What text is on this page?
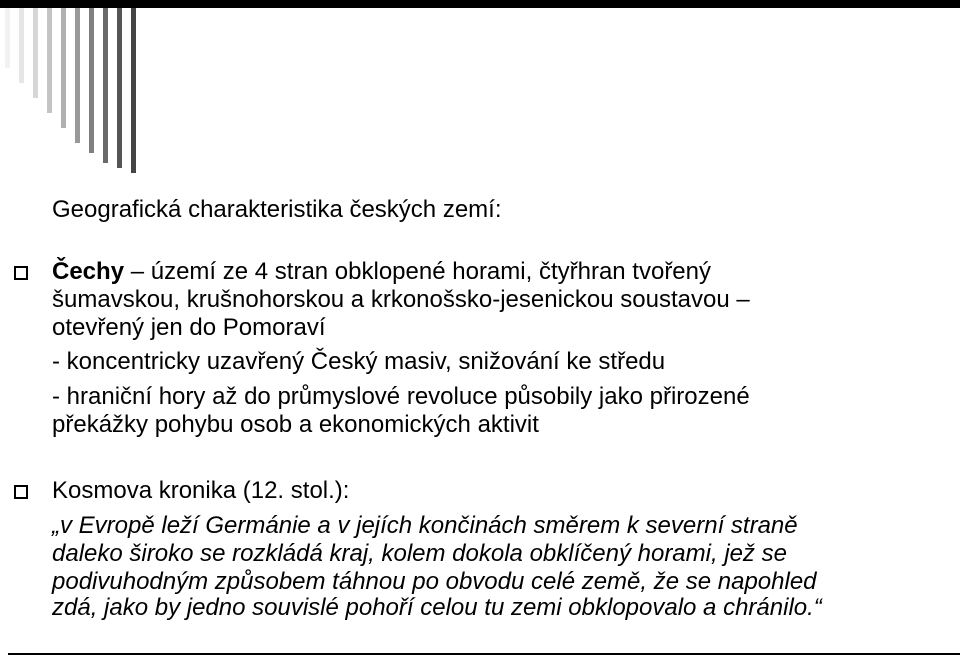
Geografická charakteristika českých zemí:
Čechy – území ze 4 stran obklopené horami, čtyřhran tvořený
šumavskou, krušnohorskou a krkonošsko-jesenickou soustavou –
otevřený jen do Pomoraví
- koncentricky uzavřený Český masiv, snižování ke středu
- hraniční hory až do průmyslové revoluce působily jako přirozené
překážky pohybu osob a ekonomických aktivit
Kosmova kronika (12. stol.):
„v Evropě leží Germánie a v jejích končinách směrem k severní straně
daleko široko se rozkládá kraj, kolem dokola obklíčený horami, jež se
podivuhodným způsobem táhnou po obvodu celé země, že se napohled
zdá, jako by jedno souvislé pohoří celou tu zemi obklopovalo a chránilo.“
